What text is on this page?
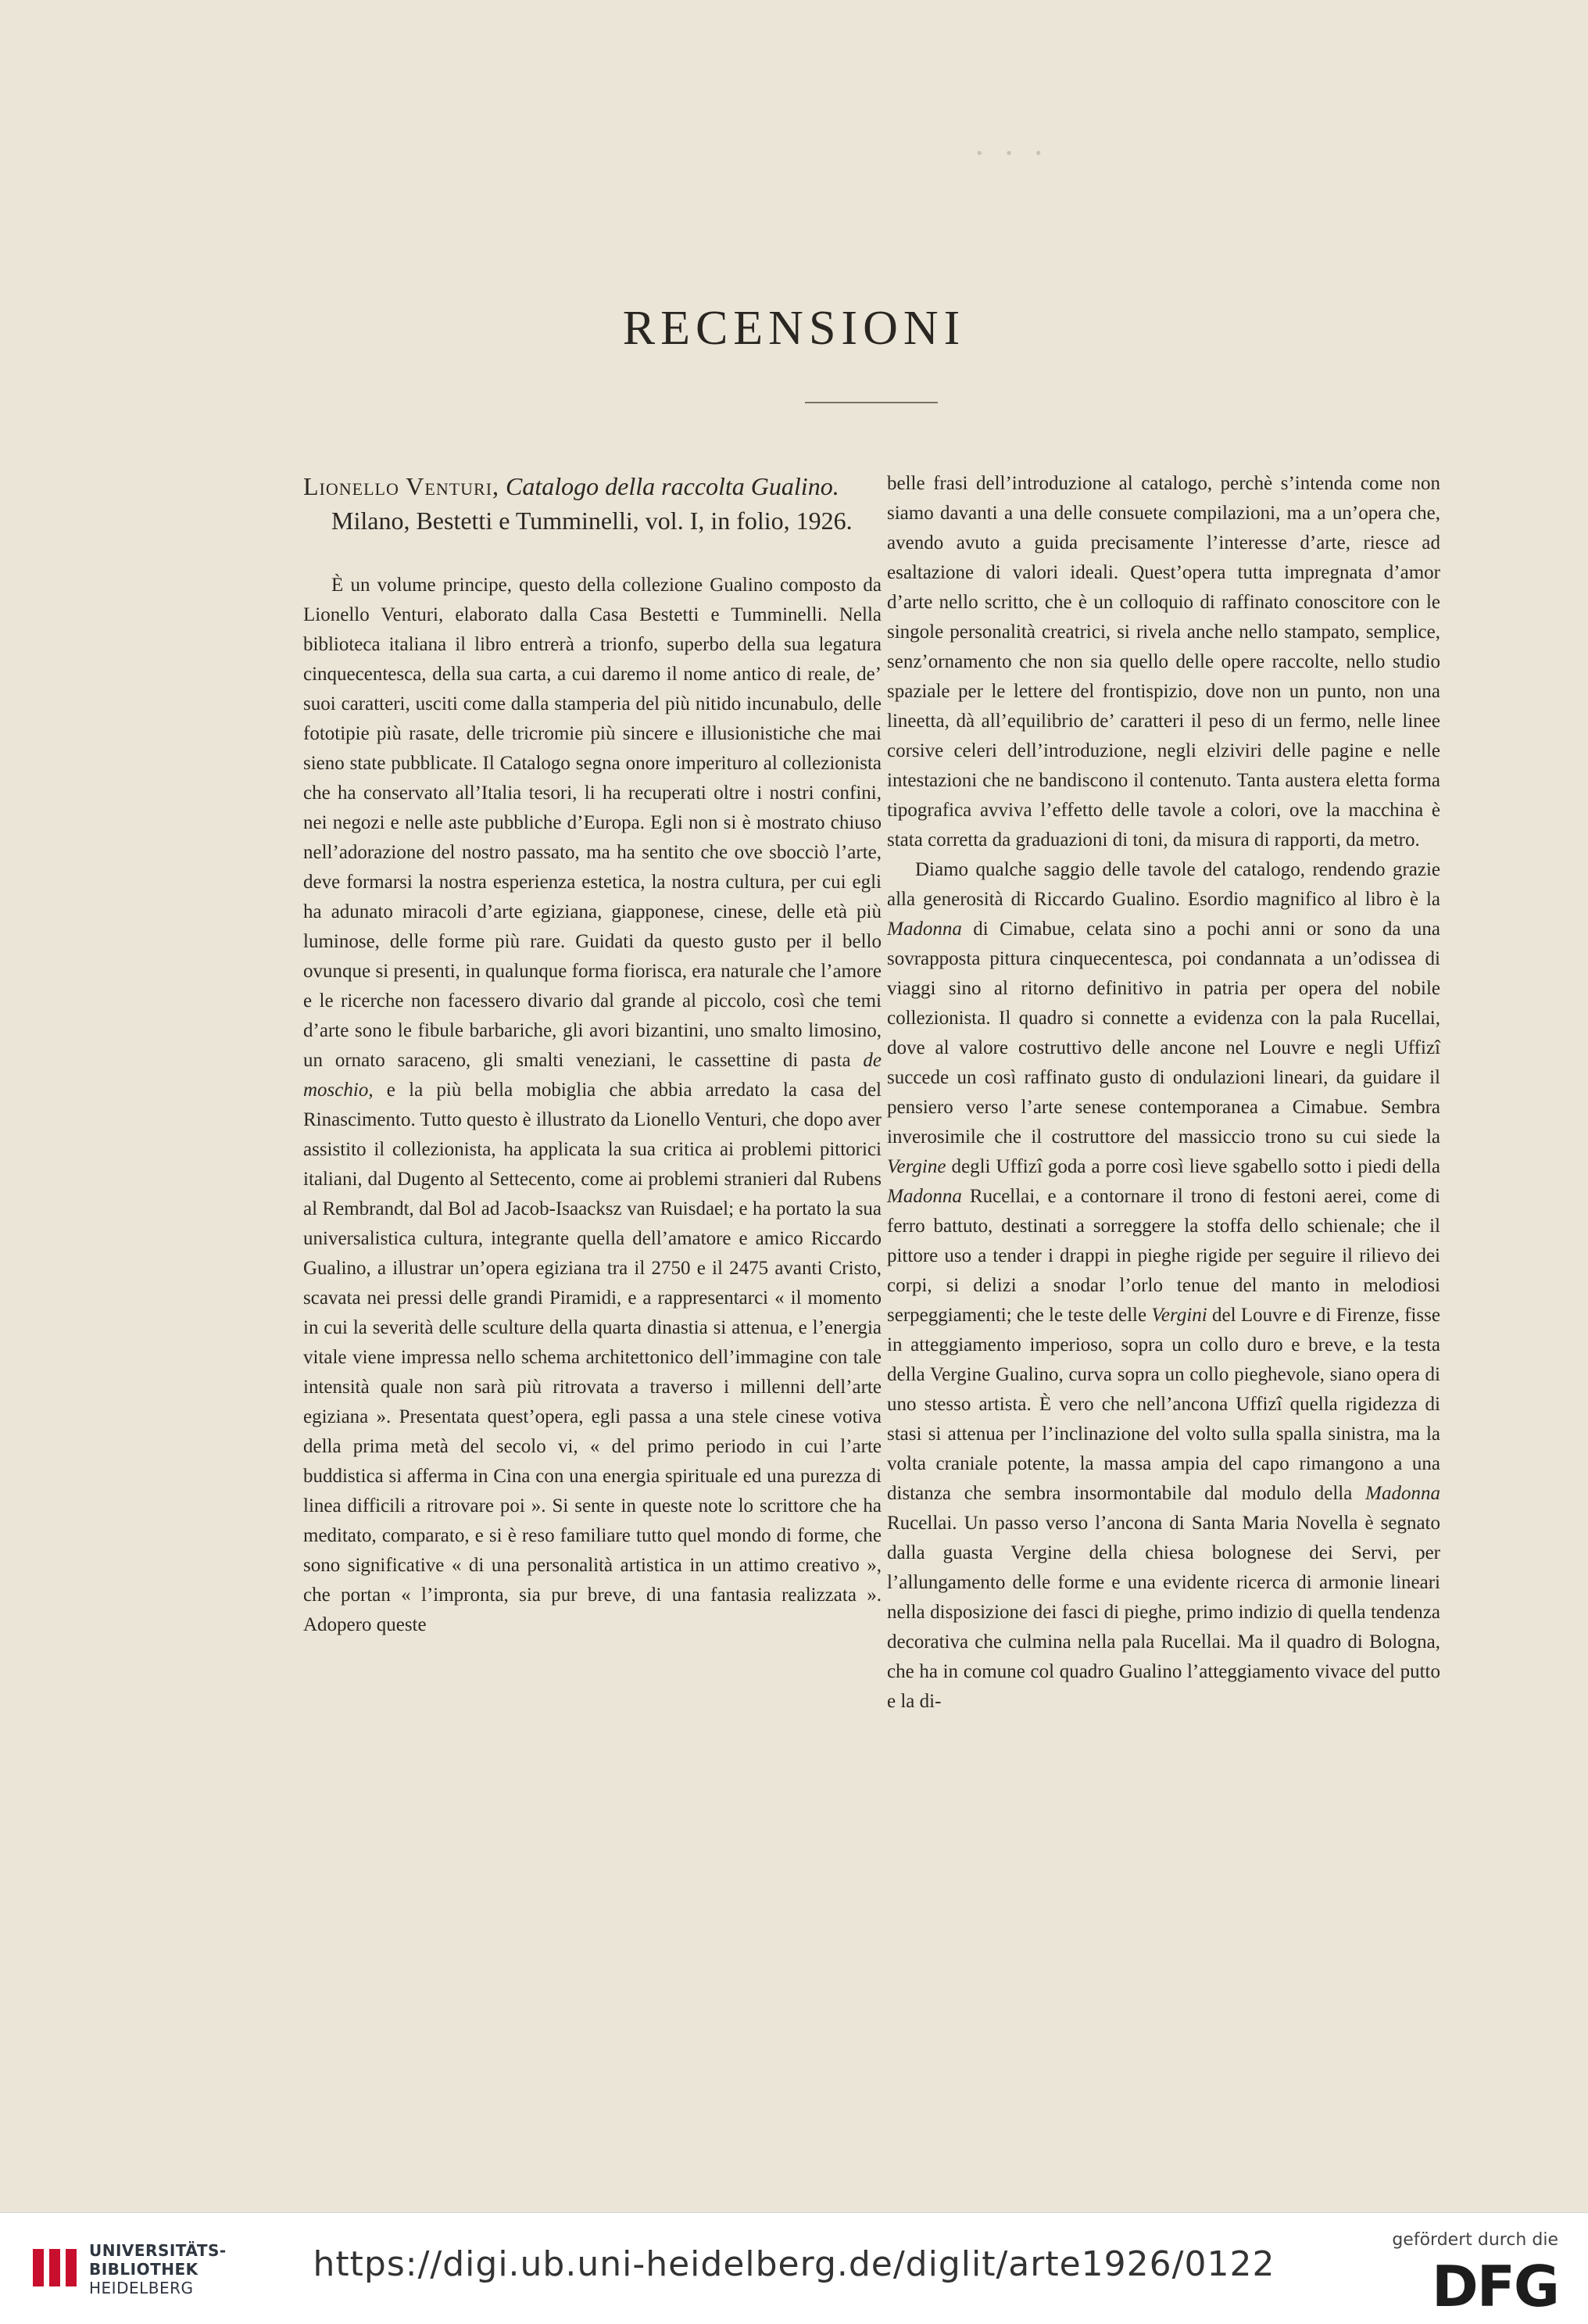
· · ·
RECENSIONI

Lionello Venturi, Catalogo della raccolta Gualino. Milano, Bestetti e Tumminelli, vol. I, in folio, 1926.

È un volume principe, questo della collezione Gualino composto da Lionello Venturi, elaborato dalla Casa Bestetti e Tumminelli. Nella biblioteca italiana il libro entrerà a trionfo, superbo della sua legatura cinquecentesca, della sua carta, a cui daremo il nome antico di reale, de’ suoi caratteri, usciti come dalla stamperia del più nitido incunabulo, delle fototipie più rasate, delle tricromie più sincere e illusionistiche che mai sieno state pubblicate. Il Catalogo segna onore imperituro al collezionista che ha conservato all’Italia tesori, li ha recuperati oltre i nostri confini, nei negozi e nelle aste pubbliche d’Europa. Egli non si è mostrato chiuso nell’adorazione del nostro passato, ma ha sentito che ove sbocciò l’arte, deve formarsi la nostra esperienza estetica, la nostra cultura, per cui egli ha adunato miracoli d’arte egiziana, giapponese, cinese, delle età più luminose, delle forme più rare. Guidati da questo gusto per il bello ovunque si presenti, in qualunque forma fiorisca, era naturale che l’amore e le ricerche non facessero divario dal grande al piccolo, così che temi d’arte sono le fibule barbariche, gli avori bizantini, uno smalto limosino, un ornato saraceno, gli smalti veneziani, le cassettine di pasta de moschio, e la più bella mobiglia che abbia arredato la casa del Rinascimento. Tutto questo è illustrato da Lionello Venturi, che dopo aver assistito il collezionista, ha applicata la sua critica ai problemi pittorici italiani, dal Dugento al Settecento, come ai problemi stranieri dal Rubens al Rembrandt, dal Bol ad Jacob-Isaacksz van Ruisdael; e ha portato la sua universalistica cultura, integrante quella dell’amatore e amico Riccardo Gualino, a illustrar un’opera egiziana tra il 2750 e il 2475 avanti Cristo, scavata nei pressi delle grandi Piramidi, e a rappresentarci « il momento in cui la severità delle sculture della quarta dinastia si attenua, e l’energia vitale viene impressa nello schema architettonico dell’immagine con tale intensità quale non sarà più ritrovata a traverso i millenni dell’arte egiziana ». Presentata quest’opera, egli passa a una stele cinese votiva della prima metà del secolo vi, « del primo periodo in cui l’arte buddistica si afferma in Cina con una energia spirituale ed una purezza di linea difficili a ritrovare poi ». Si sente in queste note lo scrittore che ha meditato, comparato, e si è reso familiare tutto quel mondo di forme, che sono significative « di una personalità artistica in un attimo creativo », che portan « l’impronta, sia pur breve, di una fantasia realizzata ». Adopero queste

belle frasi dell’introduzione al catalogo, perchè s’intenda come non siamo davanti a una delle consuete compilazioni, ma a un’opera che, avendo avuto a guida precisamente l’interesse d’arte, riesce ad esaltazione di valori ideali. Quest’opera tutta impregnata d’amor d’arte nello scritto, che è un colloquio di raffinato conoscitore con le singole personalità creatrici, si rivela anche nello stampato, semplice, senz’ornamento che non sia quello delle opere raccolte, nello studio spaziale per le lettere del frontispizio, dove non un punto, non una lineetta, dà all’equilibrio de’ caratteri il peso di un fermo, nelle linee corsive celeri dell’introduzione, negli elziviri delle pagine e nelle intestazioni che ne bandiscono il contenuto. Tanta austera eletta forma tipografica avviva l’effetto delle tavole a colori, ove la macchina è stata corretta da graduazioni di toni, da misura di rapporti, da metro.

Diamo qualche saggio delle tavole del catalogo, rendendo grazie alla generosità di Riccardo Gualino. Esordio magnifico al libro è la Madonna di Cimabue, celata sino a pochi anni or sono da una sovrapposta pittura cinquecentesca, poi condannata a un’odissea di viaggi sino al ritorno definitivo in patria per opera del nobile collezionista. Il quadro si connette a evidenza con la pala Rucellai, dove al valore costruttivo delle ancone nel Louvre e negli Uffizî succede un così raffinato gusto di ondulazioni lineari, da guidare il pensiero verso l’arte senese contemporanea a Cimabue. Sembra inverosimile che il costruttore del massiccio trono su cui siede la Vergine degli Uffizî goda a porre così lieve sgabello sotto i piedi della Madonna Rucellai, e a contornare il trono di festoni aerei, come di ferro battuto, destinati a sorreggere la stoffa dello schienale; che il pittore uso a tender i drappi in pieghe rigide per seguire il rilievo dei corpi, si delizi a snodar l’orlo tenue del manto in melodiosi serpeggiamenti; che le teste delle Vergini del Louvre e di Firenze, fisse in atteggiamento imperioso, sopra un collo duro e breve, e la testa della Vergine Gualino, curva sopra un collo pieghevole, siano opera di uno stesso artista. È vero che nell’ancona Uffizî quella rigidezza di stasi si attenua per l’inclinazione del volto sulla spalla sinistra, ma la volta craniale potente, la massa ampia del capo rimangono a una distanza che sembra insormontabile dal modulo della Madonna Rucellai. Un passo verso l’ancona di Santa Maria Novella è segnato dalla guasta Vergine della chiesa bolognese dei Servi, per l’allungamento delle forme e una evidente ricerca di armonie lineari nella disposizione dei fasci di pieghe, primo indizio di quella tendenza decorativa che culmina nella pala Rucellai. Ma il quadro di Bologna, che ha in comune col quadro Gualino l’atteggiamento vivace del putto e la di-

UNIVERSITÄTS-
BIBLIOTHEK
HEIDELBERG
https://digi.ub.uni-heidelberg.de/diglit/arte1926/0122
gefördert durch die
DFG
